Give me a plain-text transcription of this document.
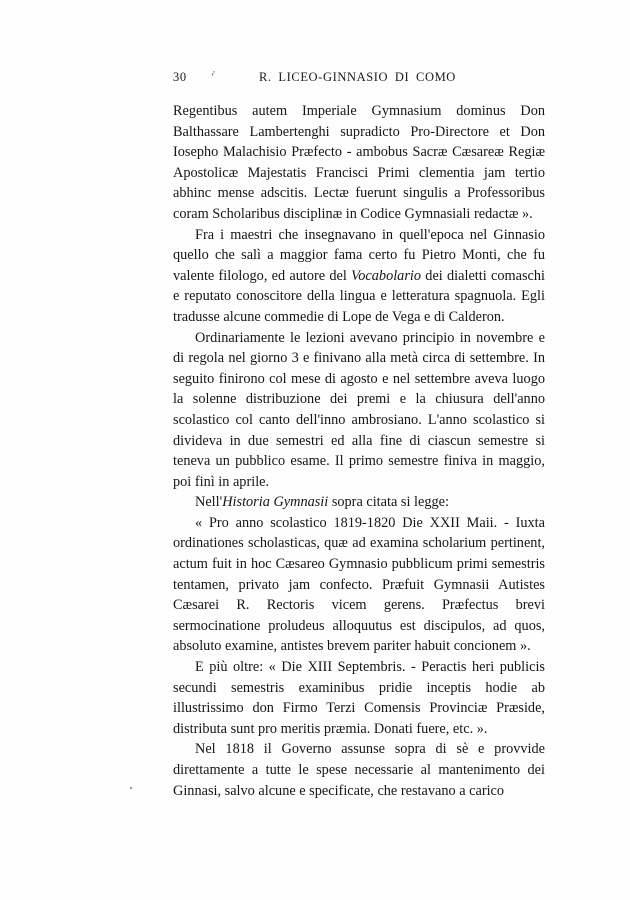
30	'	R. LICEO-GINNASIO DI COMO

Regentibus autem Imperiale Gymnasium dominus Don Balthassare Lambertenghi supradicto Pro-Directore et Don Iosepho Malachisio Præfecto - ambobus Sacræ Cæsareæ Regiæ Apostolicæ Majestatis Francisci Primi clementia jam tertio abhinc mense adscitis. Lectæ fuerunt singulis a Professoribus coram Scholaribus disciplinæ in Codice Gymnasiali redactæ ».

Fra i maestri che insegnavano in quell'epoca nel Ginnasio quello che salì a maggior fama certo fu Pietro Monti, che fu valente filologo, ed autore del Vocabolario dei dialetti comaschi e reputato conoscitore della lingua e letteratura spagnuola. Egli tradusse alcune commedie di Lope de Vega e di Calderon.

Ordinariamente le lezioni avevano principio in novembre e di regola nel giorno 3 e finivano alla metà circa di settembre. In seguito finirono col mese di agosto e nel settembre aveva luogo la solenne distribuzione dei premi e la chiusura dell'anno scolastico col canto dell'inno ambrosiano. L'anno scolastico si divideva in due semestri ed alla fine di ciascun semestre si teneva un pubblico esame. Il primo semestre finiva in maggio, poi finì in aprile.

Nell'Historia Gymnasii sopra citata si legge:

« Pro anno scolastico 1819-1820 Die XXII Maii. - Iuxta ordinationes scholasticas, quæ ad examina scholarium pertinent, actum fuit in hoc Cæsareo Gymnasio pubblicum primi semestris tentamen, privato jam confecto. Præfuit Gymnasii Autistes Cæsarei R. Rectoris vicem gerens. Præfectus brevi sermocinatione proludeus alloquutus est discipulos, ad quos, absoluto examine, antistes brevem pariter habuit concionem ».

E più oltre: « Die XIII Septembris. - Peractis heri publicis secundi semestris examinibus pridie inceptis hodie ab illustrissimo don Firmo Terzi Comensis Provinciæ Præside, distributa sunt pro meritis præmia. Donati fuere, etc. ».

Nel 1818 il Governo assunse sopra di sè e provvide direttamente a tutte le spese necessarie al mantenimento dei Ginnasi, salvo alcune e specificate, che restavano a carico
